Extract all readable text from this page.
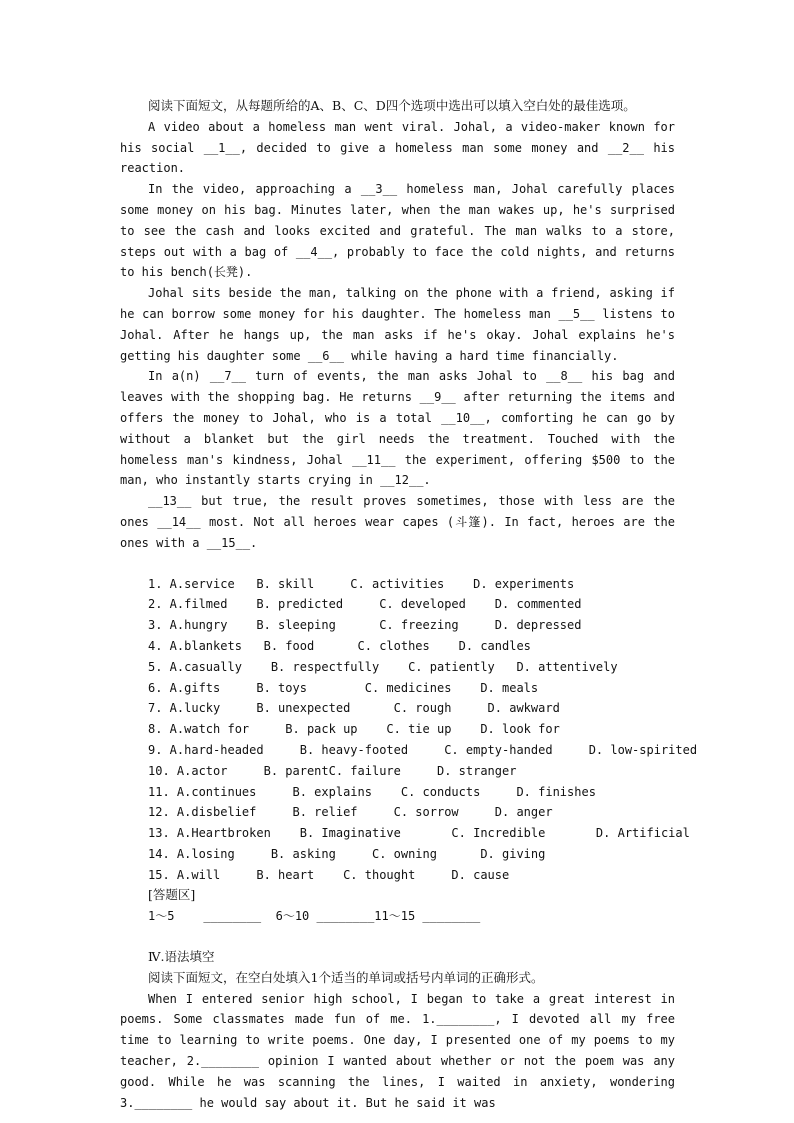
阅读下面短文，从每题所给的A、B、C、D四个选项中选出可以填入空白处的最佳选项。
A video about a homeless man went viral. Johal, a video-maker known for his social __1__, decided to give a homeless man some money and __2__ his reaction.
In the video, approaching a __3__ homeless man, Johal carefully places some money on his bag. Minutes later, when the man wakes up, he's surprised to see the cash and looks excited and grateful. The man walks to a store, steps out with a bag of __4__, probably to face the cold nights, and returns to his bench(长凳).
Johal sits beside the man, talking on the phone with a friend, asking if he can borrow some money for his daughter. The homeless man __5__ listens to Johal. After he hangs up, the man asks if he's okay. Johal explains he's getting his daughter some __6__ while having a hard time financially.
In a(n) __7__ turn of events, the man asks Johal to __8__ his bag and leaves with the shopping bag. He returns __9__ after returning the items and offers the money to Johal, who is a total __10__, comforting he can go by without a blanket but the girl needs the treatment. Touched with the homeless man's kindness, Johal __11__ the experiment, offering $500 to the man, who instantly starts crying in __12__.
__13__ but true, the result proves sometimes, those with less are the ones __14__ most. Not all heroes wear capes (斗篷). In fact, heroes are the ones with a __15__.
1. A.service   B. skill     C. activities    D. experiments
2. A.filmed    B. predicted     C. developed    D. commented
3. A.hungry    B. sleeping      C. freezing     D. depressed
4. A.blankets   B. food      C. clothes    D. candles
5. A.casually    B. respectfully    C. patiently   D. attentively
6. A.gifts     B. toys        C. medicines    D. meals
7. A.lucky     B. unexpected      C. rough     D. awkward
8. A.watch for     B. pack up    C. tie up    D. look for
9. A.hard-headed     B. heavy-footed     C. empty-handed     D. low-spirited
10. A.actor     B. parentC. failure     D. stranger
11. A.continues     B. explains    C. conducts     D. finishes
12. A.disbelief     B. relief     C. sorrow     D. anger
13. A.Heartbroken    B. Imaginative       C. Incredible       D. Artificial
14. A.losing     B. asking     C. owning      D. giving
15. A.will     B. heart    C. thought     D. cause
[答题区]
1～5    ________  6～10 ________11～15 ________
Ⅳ.语法填空
阅读下面短文，在空白处填入1个适当的单词或括号内单词的正确形式。
When I entered senior high school, I began to take a great interest in poems. Some classmates made fun of me. 1.________, I devoted all my free time to learning to write poems. One day, I presented one of my poems to my teacher, 2.________ opinion I wanted about whether or not the poem was any good. While he was scanning the lines, I waited in anxiety, wondering 3.________ he would say about it. But he said it was
